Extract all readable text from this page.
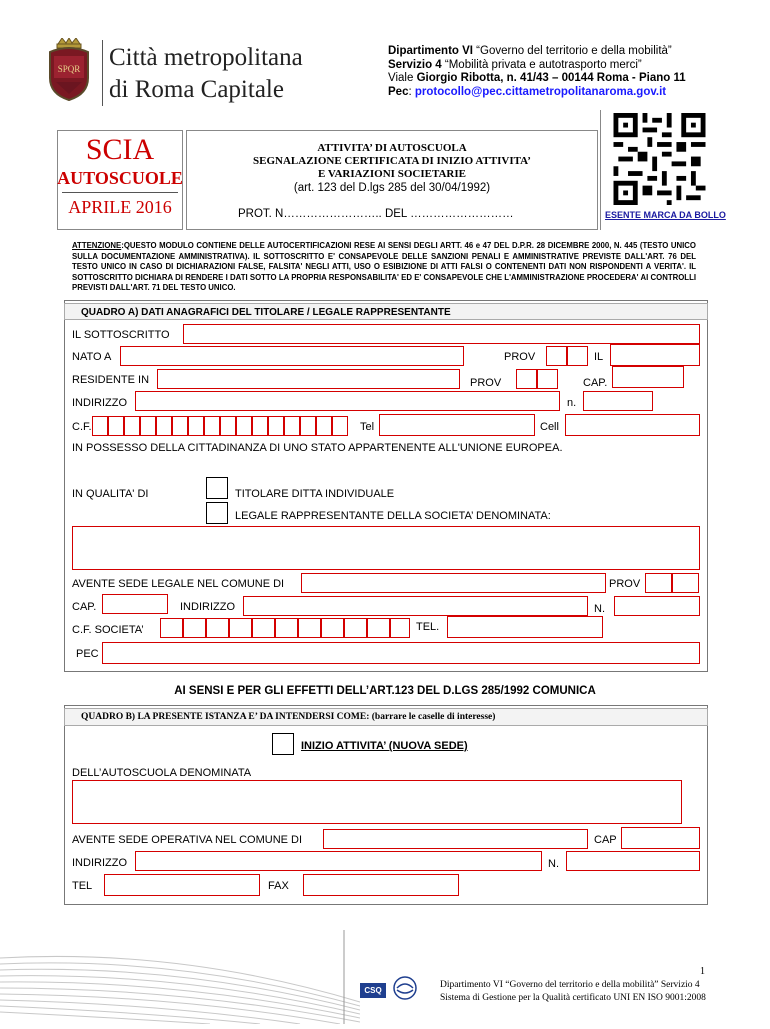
SPQR Città metropolitana
di Roma Capitale
Dipartimento VI “Governo del territorio e della mobilità”
Servizio 4 “Mobilità privata e autotrasporto merci”
Viale Giorgio Ribotta, n. 41/43 – 00144 Roma - Piano 11
Pec: protocollo@pec.cittametropolitanaroma.gov.it
SCIA
AUTOSCUOLE
APRILE 2016
ATTIVITA’ DI AUTOSCUOLA
SEGNALAZIONE CERTIFICATA DI INIZIO ATTIVITA’
E VARIAZIONI SOCIETARIE
(art. 123 del D.lgs 285 del 30/04/1992)
PROT. N…………………….. DEL ………………………	ESENTE MARCA DA BOLLO
ATTENZIONE:QUESTO MODULO CONTIENE DELLE AUTOCERTIFICAZIONI RESE AI SENSI DEGLI ARTT. 46 e 47 DEL D.P.R. 28 DICEMBRE 2000, N. 445 (TESTO UNICO SULLA DOCUMENTAZIONE AMMINISTRATIVA). IL SOTTOSCRITTO E' CONSAPEVOLE DELLE SANZIONI PENALI E AMMINISTRATIVE PREVISTE DALL'ART. 76 DEL TESTO UNICO IN CASO DI DICHIARAZIONI FALSE, FALSITA' NEGLI ATTI, USO O ESIBIZIONE DI ATTI FALSI O CONTENENTI DATI NON RISPONDENTI A VERITA'. IL SOTTOSCRITTO DICHIARA DI RENDERE I DATI SOTTO LA PROPRIA RESPONSABILITA' ED E' CONSAPEVOLE CHE L'AMMINISTRAZIONE PROCEDERA' AI CONTROLLI PREVISTI DALL'ART. 71 DEL TESTO UNICO.
QUADRO A) DATI ANAGRAFICI DEL TITOLARE / LEGALE RAPPRESENTANTE
IL SOTTOSCRITTO
NATO A	PROV	IL
RESIDENTE IN	PROV	CAP.
INDIRIZZO	n.
C.F.	Tel	Cell
IN POSSESSO DELLA CITTADINANZA DI UNO STATO APPARTENENTE ALL'UNIONE EUROPEA.
IN QUALITA' DI	TITOLARE DITTA INDIVIDUALE
LEGALE RAPPRESENTANTE DELLA SOCIETA’ DENOMINATA:
AVENTE SEDE LEGALE NEL COMUNE DI	PROV
CAP.	INDIRIZZO	N.
C.F. SOCIETA’	TEL.
PEC
AI SENSI E PER GLI EFFETTI DELL’ART.123 DEL D.LGS 285/1992 COMUNICA
QUADRO B) LA PRESENTE ISTANZA E’ DA INTENDERSI COME: (barrare le caselle di interesse)
INIZIO ATTIVITA’ (NUOVA SEDE)
DELL’AUTOSCUOLA DENOMINATA
AVENTE SEDE OPERATIVA NEL COMUNE DI	CAP
INDIRIZZO	N.
TEL	FAX
CSQ
1
Dipartimento VI “Governo del territorio e della mobilità” Servizio 4
Sistema di Gestione per la Qualità certificato UNI EN ISO 9001:2008
